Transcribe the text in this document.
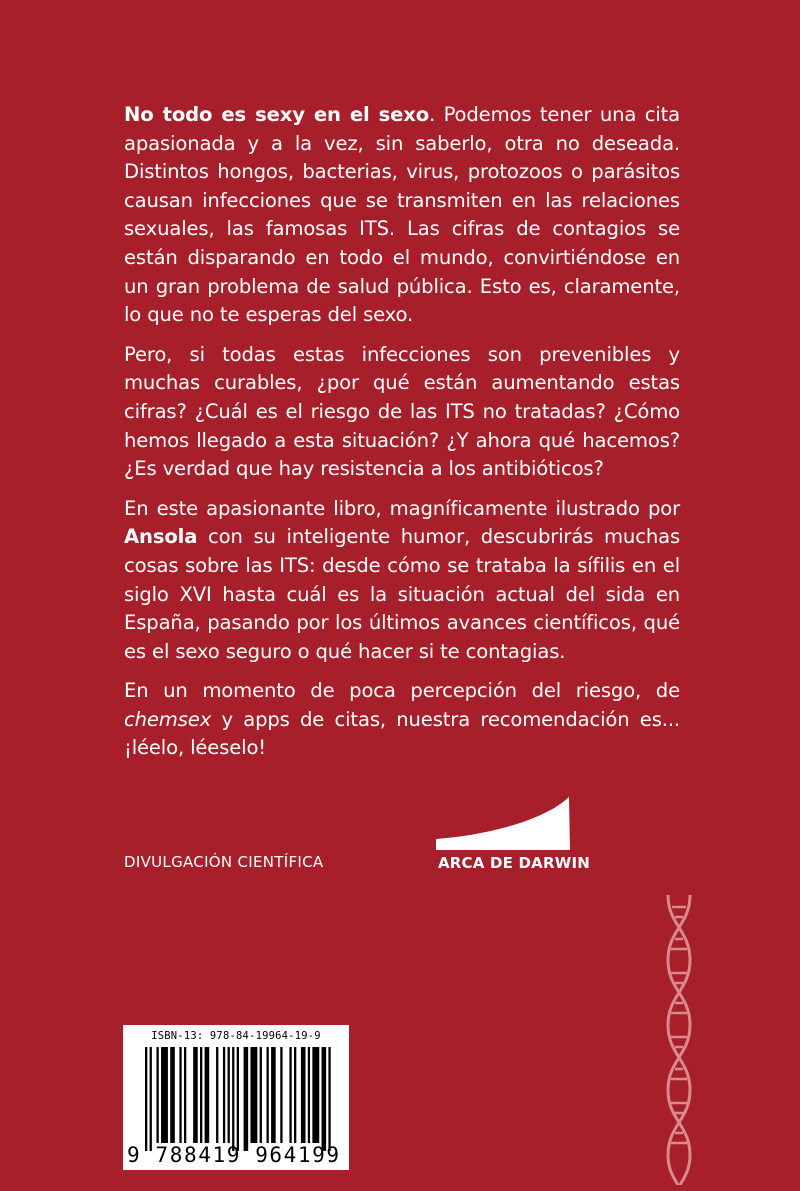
No todo es sexy en el sexo. Podemos tener una cita apasionada y a la vez, sin saberlo, otra no deseada. Distintos hongos, bacterias, virus, protozoos o parásitos causan infecciones que se transmiten en las relaciones sexuales, las famosas ITS. Las cifras de contagios se están disparando en todo el mundo, convirtiéndose en un gran problema de salud pública. Esto es, claramente, lo que no te esperas del sexo.

Pero, si todas estas infecciones son prevenibles y muchas curables, ¿por qué están aumentando estas cifras? ¿Cuál es el riesgo de las ITS no tratadas? ¿Cómo hemos llegado a esta situación? ¿Y ahora qué hacemos? ¿Es verdad que hay resistencia a los antibióticos?

En este apasionante libro, magníficamente ilustrado por Ansola con su inteligente humor, descubrirás muchas cosas sobre las ITS: desde cómo se trataba la sífilis en el siglo XVI hasta cuál es la situación actual del sida en España, pasando por los últimos avances científicos, qué es el sexo seguro o qué hacer si te contagias.

En un momento de poca percepción del riesgo, de chemsex y apps de citas, nuestra recomendación es... ¡léelo, léeselo!

DIVULGACIÓN CIENTÍFICA	ARCA DE DARWIN
ISBN-13: 978-84-19964-19-9
9 788419 964199
